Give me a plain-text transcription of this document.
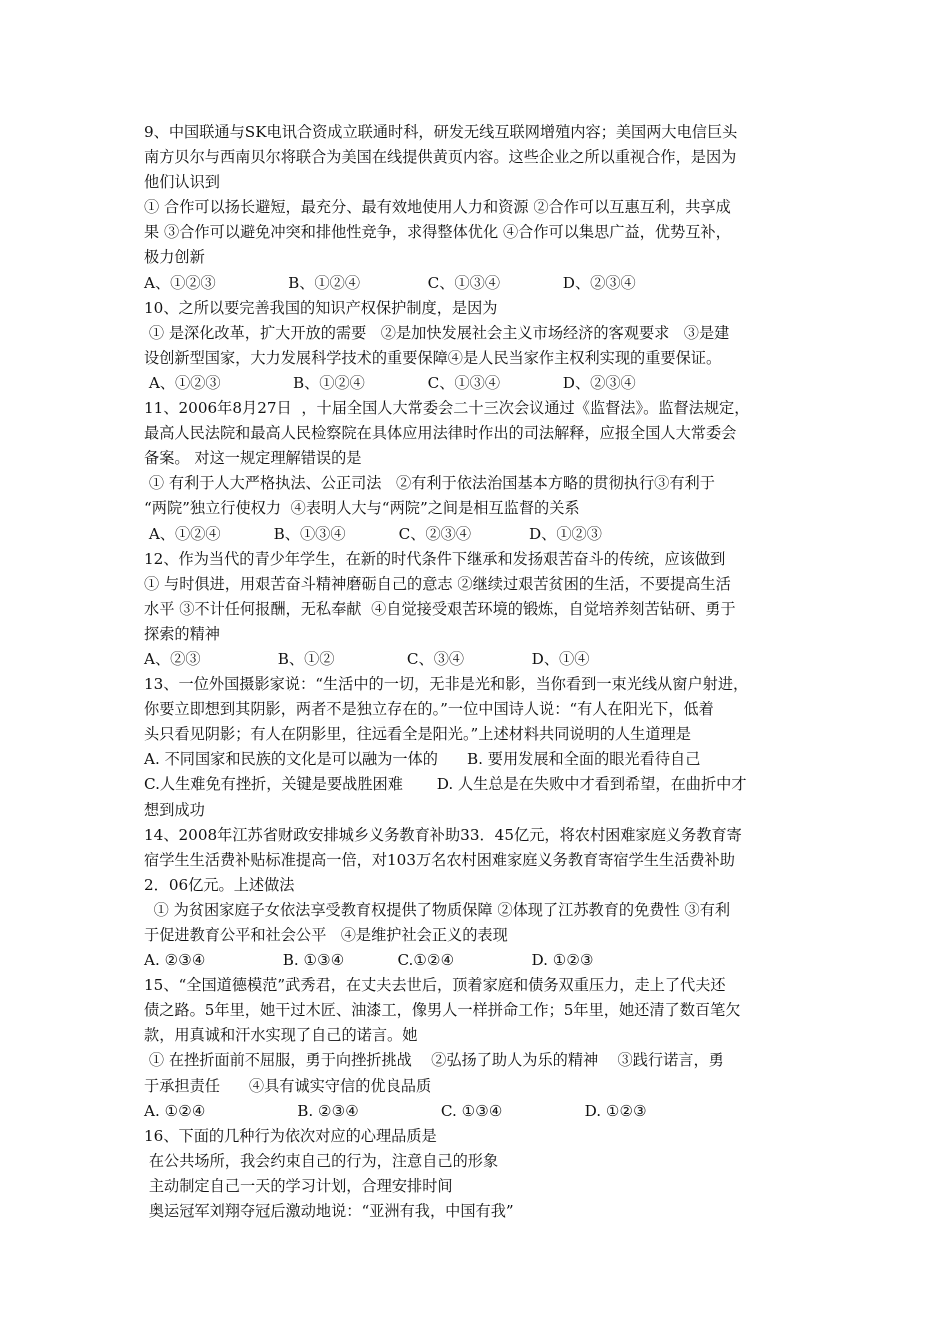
9、中国联通与SK电讯合资成立联通时科，研发无线互联网增殖内容；美国两大电信巨头
南方贝尔与西南贝尔将联合为美国在线提供黄页内容。这些企业之所以重视合作，是因为
他们认识到
① 合作可以扬长避短，最充分、最有效地使用人力和资源 ②合作可以互惠互利，共享成
果 ③合作可以避免冲突和排他性竞争，求得整体优化 ④合作可以集思广益，优势互补，
极力创新
A、①②③               B、①②④              C、①③④             D、②③④
10、之所以要完善我国的知识产权保护制度，是因为
① 是深化改革，扩大开放的需要   ②是加快发展社会主义市场经济的客观要求   ③是建
设创新型国家，大力发展科学技术的重要保障④是人民当家作主权利实现的重要保证。
A、①②③               B、①②④             C、①③④             D、②③④
11、2006年8月27日  ，十届全国人大常委会二十三次会议通过《监督法》。监督法规定，
最高人民法院和最高人民检察院在具体应用法律时作出的司法解释，应报全国人大常委会
备案。 对这一规定理解错误的是
① 有利于人大严格执法、公正司法   ②有利于依法治国基本方略的贯彻执行③有利于
“两院”独立行使权力  ④表明人大与“两院”之间是相互监督的关系
A、①②④           B、①③④           C、②③④            D、①②③
12、作为当代的青少年学生，在新的时代条件下继承和发扬艰苦奋斗的传统，应该做到
① 与时俱进，用艰苦奋斗精神磨砺自己的意志 ②继续过艰苦贫困的生活，不要提高生活
水平 ③不计任何报酬，无私奉献  ④自觉接受艰苦环境的锻炼，自觉培养刻苦钻研、勇于
探索的精神
A、②③                B、①②               C、③④              D、①④
13、一位外国摄影家说：“生活中的一切，无非是光和影，当你看到一束光线从窗户射进，
你要立即想到其阴影，两者不是独立存在的。”一位中国诗人说：“有人在阳光下，低着
头只看见阴影；有人在阴影里，往远看全是阳光。”上述材料共同说明的人生道理是
A. 不同国家和民族的文化是可以融为一体的      B. 要用发展和全面的眼光看待自己
C.人生难免有挫折，关键是要战胜困难       D. 人生总是在失败中才看到希望，在曲折中才
想到成功
14、2008年江苏省财政安排城乡义务教育补助33．45亿元，将农村困难家庭义务教育寄
宿学生生活费补贴标准提高一倍，对103万名农村困难家庭义务教育寄宿学生生活费补助
2．06亿元。上述做法
① 为贫困家庭子女依法享受教育权提供了物质保障 ②体现了江苏教育的免费性 ③有利
于促进教育公平和社会公平   ④是维护社会正义的表现
A. ②③④                B. ①③④           C.①②④                D. ①②③
15、“全国道德模范”武秀君，在丈夫去世后，顶着家庭和债务双重压力，走上了代夫还
债之路。5年里，她干过木匠、油漆工，像男人一样拼命工作；5年里，她还清了数百笔欠
款，用真诚和汗水实现了自己的诺言。她
① 在挫折面前不屈服，勇于向挫折挑战    ②弘扬了助人为乐的精神    ③践行诺言，勇
于承担责任      ④具有诚实守信的优良品质
A. ①②④                   B. ②③④                 C. ①③④                 D. ①②③
16、下面的几种行为依次对应的心理品质是
在公共场所，我会约束自己的行为，注意自己的形象
主动制定自己一天的学习计划，合理安排时间
奥运冠军刘翔夺冠后激动地说：“亚洲有我，中国有我”
